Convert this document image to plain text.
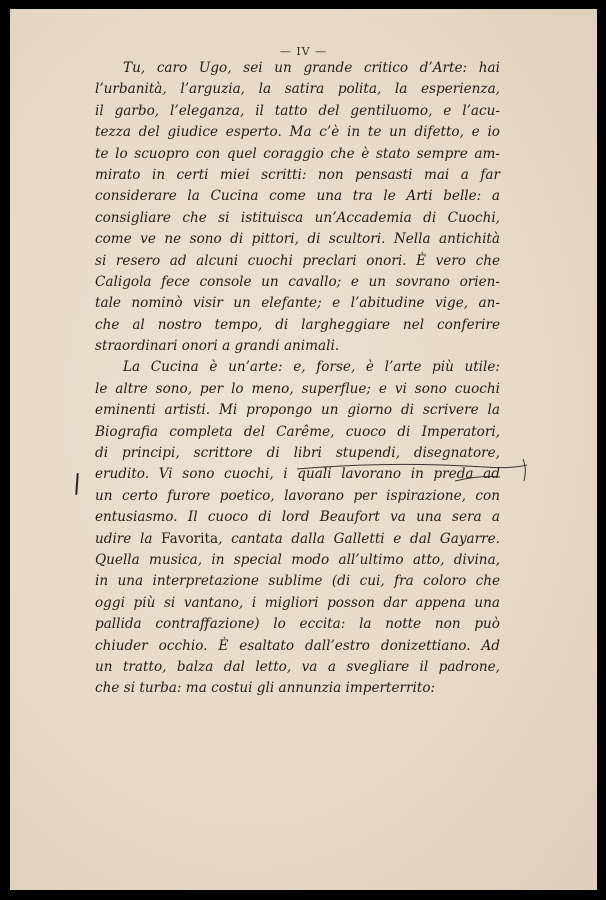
— IV —
Tu, caro Ugo, sei un grande critico d’Arte: hai
l’urbanità, l’arguzia, la satira polita, la esperienza,
il garbo, l’eleganza, il tatto del gentiluomo, e l’acu-
tezza del giudice esperto. Ma c’è in te un difetto, e io
te lo scuopro con quel coraggio che è stato sempre am-
mirato in certi miei scritti: non pensasti mai a far
considerare la Cucina come una tra le Arti belle: a
consigliare che si istituisca un’Accademia di Cuochi,
come ve ne sono di pittori, di scultori. Nella antichità
si resero ad alcuni cuochi preclari onori. È vero che
Caligola fece console un cavallo; e un sovrano orien-
tale nominò visir un elefante; e l’abitudine vige, an-
che al nostro tempo, di largheggiare nel conferire
straordinari onori a grandi animali.
La Cucina è un’arte: e, forse, è l’arte più utile:
le altre sono, per lo meno, superflue; e vi sono cuochi
eminenti artisti. Mi propongo un giorno di scrivere la
Biografia completa del Carême, cuoco di Imperatori,
di principi, scrittore di libri stupendi, disegnatore,
erudito. Vi sono cuochi, i quali lavorano in preda ad
un certo furore poetico, lavorano per ispirazione, con
entusiasmo. Il cuoco di lord Beaufort va una sera a
udire la Favorita, cantata dalla Galletti e dal Gayarre.
Quella musica, in special modo all’ultimo atto, divina,
in una interpretazione sublime (di cui, fra coloro che
oggi più si vantano, i migliori posson dar appena una
pallida contraffazione) lo eccita: la notte non può
chiuder occhio. È esaltato dall’estro donizettiano. Ad
un tratto, balza dal letto, va a svegliare il padrone,
che si turba: ma costui gli annunzia imperterrito:
